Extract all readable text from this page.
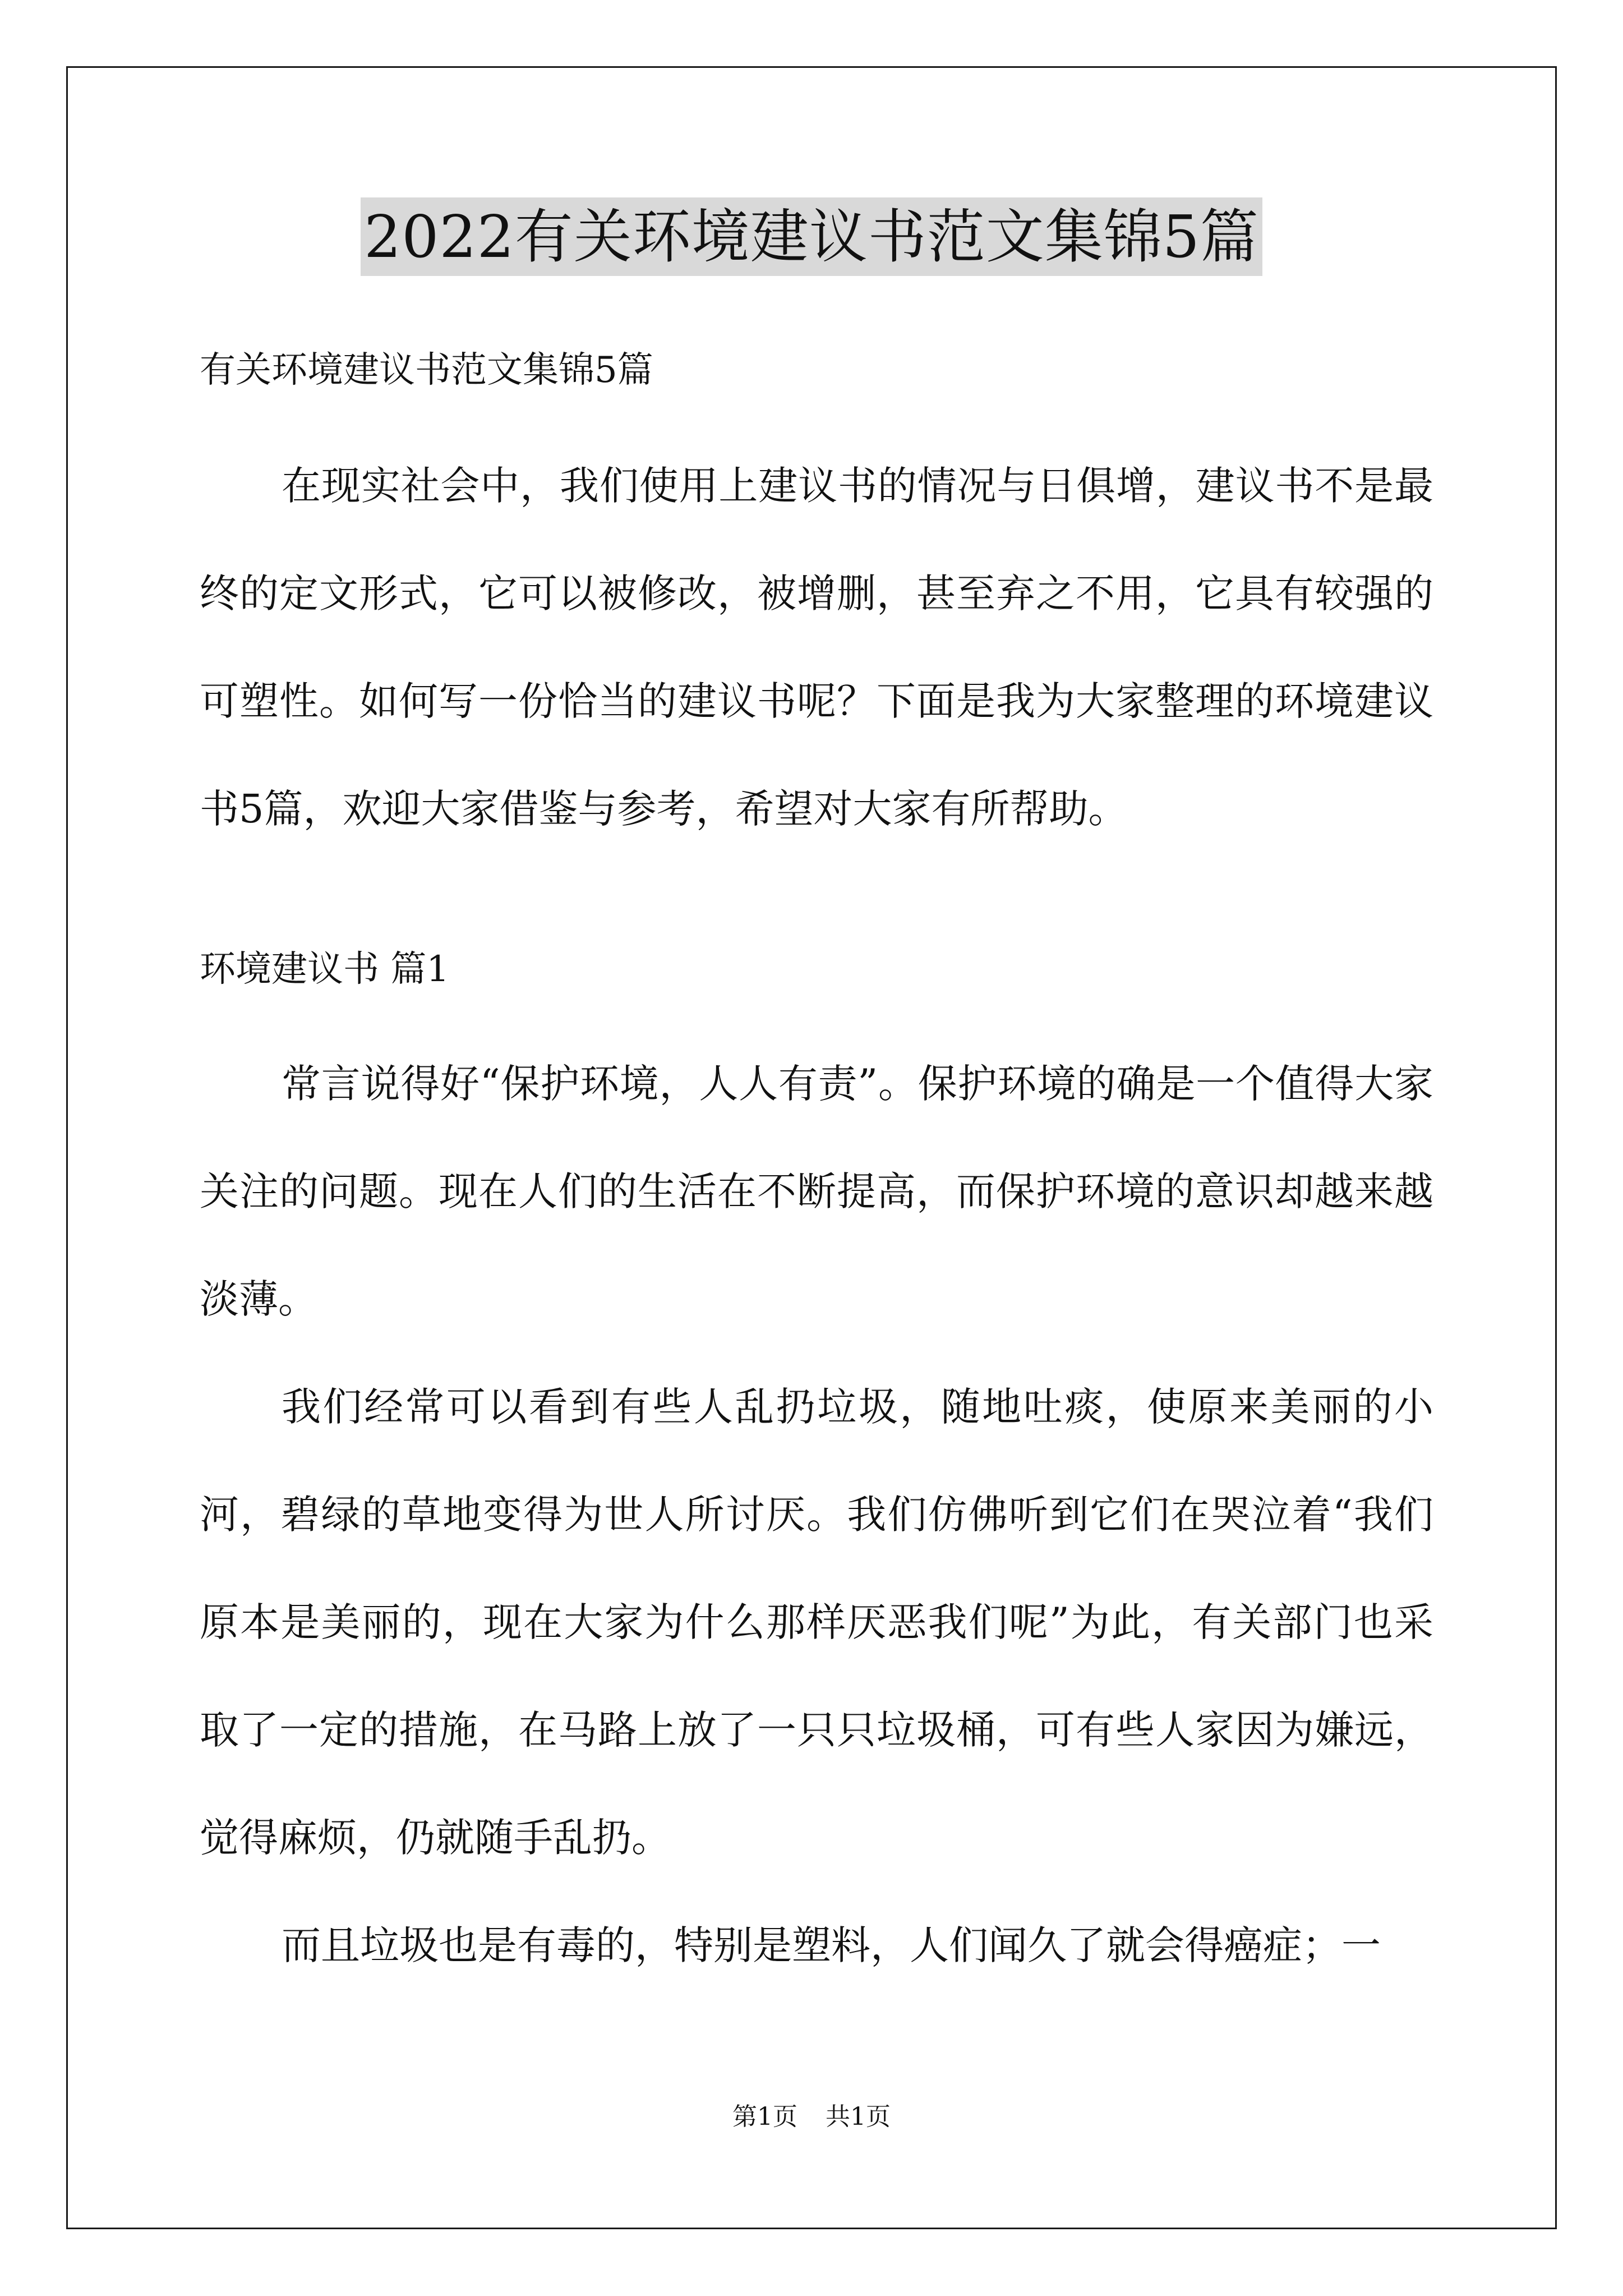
2022有关环境建议书范文集锦5篇

有关环境建议书范文集锦5篇

在现实社会中，我们使用上建议书的情况与日俱增，建议书不是最终的定文形式，它可以被修改，被增删，甚至弃之不用，它具有较强的可塑性。如何写一份恰当的建议书呢？下面是我为大家整理的环境建议书5篇，欢迎大家借鉴与参考，希望对大家有所帮助。

环境建议书 篇1

常言说得好“保护环境，人人有责”。保护环境的确是一个值得大家关注的问题。现在人们的生活在不断提高，而保护环境的意识却越来越淡薄。

我们经常可以看到有些人乱扔垃圾，随地吐痰，使原来美丽的小河，碧绿的草地变得为世人所讨厌。我们仿佛听到它们在哭泣着“我们原本是美丽的，现在大家为什么那样厌恶我们呢”为此，有关部门也采取了一定的措施，在马路上放了一只只垃圾桶，可有些人家因为嫌远，觉得麻烦，仍就随手乱扔。

而且垃圾也是有毒的，特别是塑料，人们闻久了就会得癌症；一

第1页 共1页
